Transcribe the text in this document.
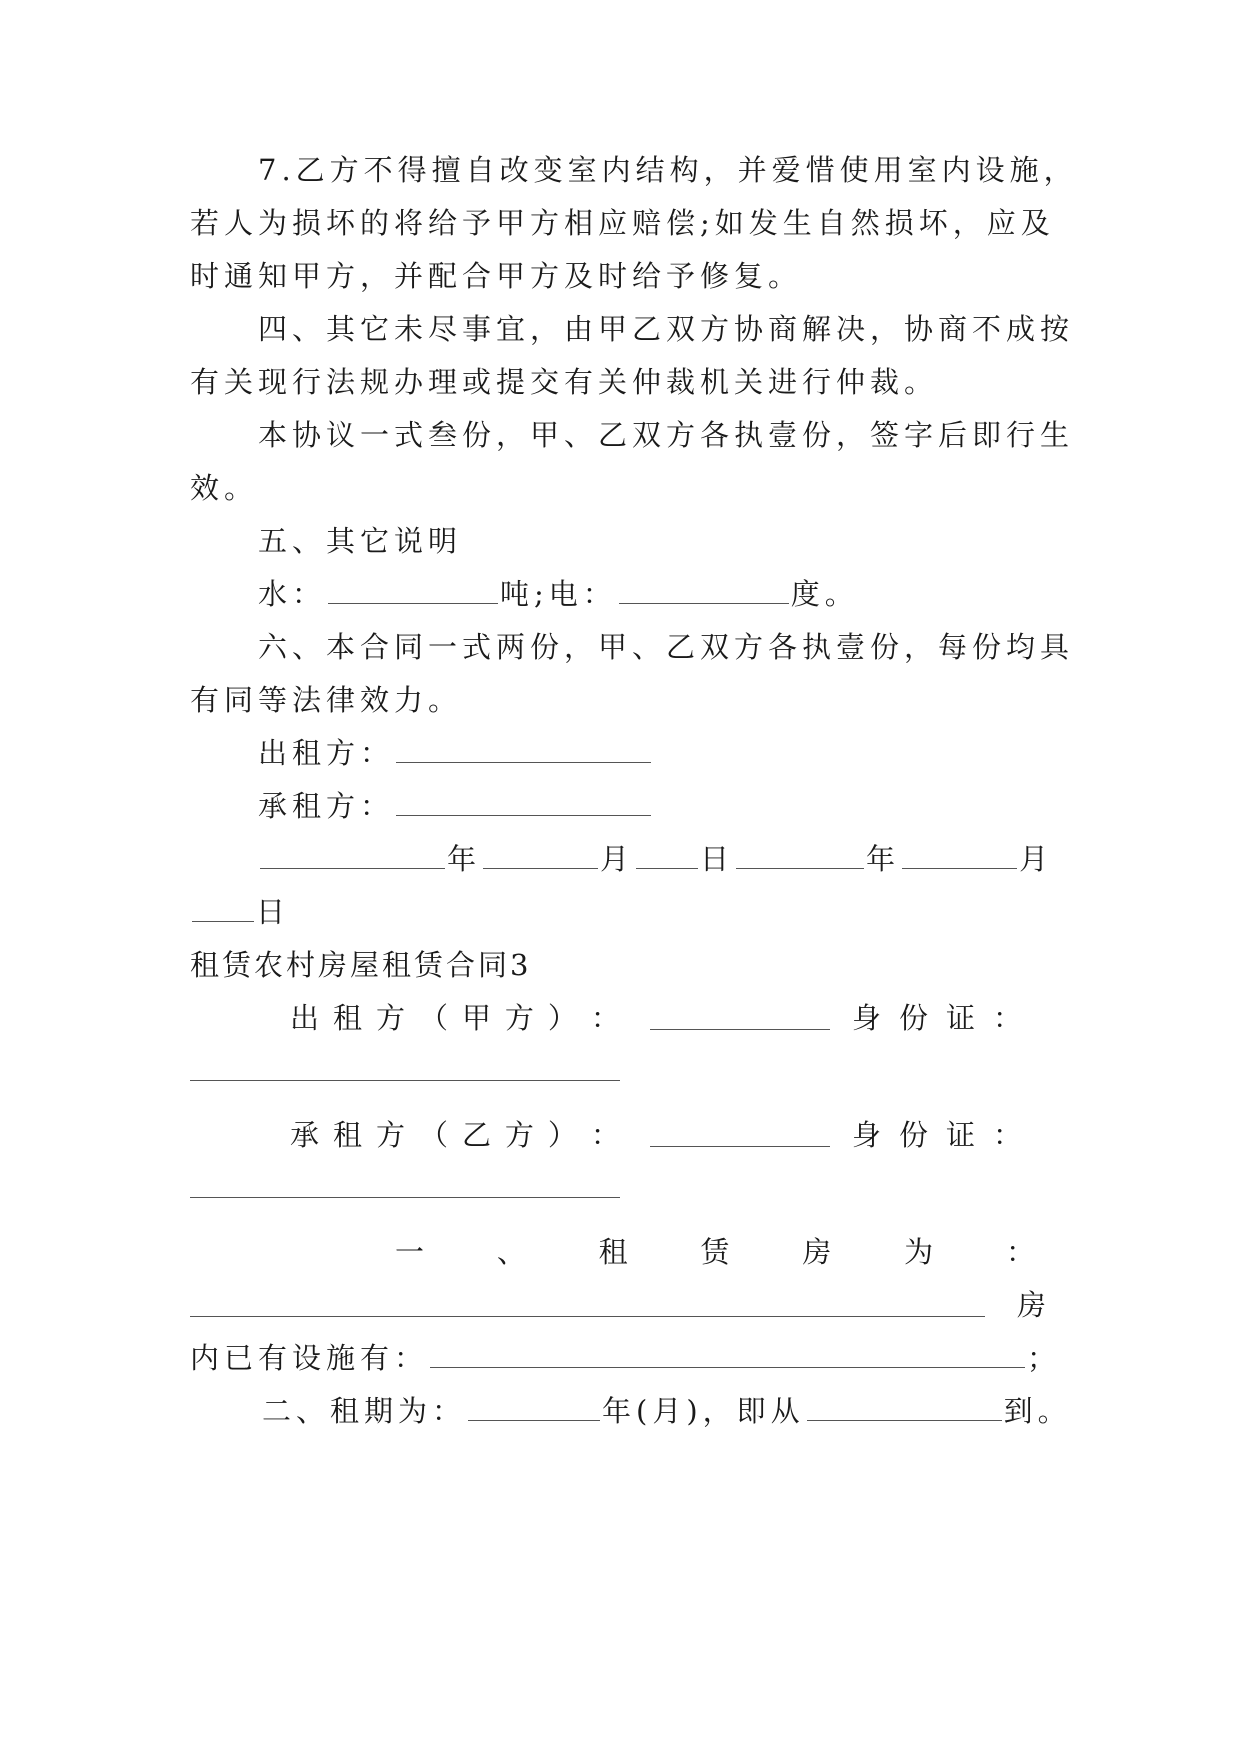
7.乙方不得擅自改变室内结构，并爱惜使用室内设施，
若人为损坏的将给予甲方相应赔偿;如发生自然损坏，应及
时通知甲方，并配合甲方及时给予修复。
四、其它未尽事宜，由甲乙双方协商解决，协商不成按
有关现行法规办理或提交有关仲裁机关进行仲裁。
本协议一式叁份，甲、乙双方各执壹份，签字后即行生
效。
五、其它说明
水：	吨;电：	度。
六、本合同一式两份，甲、乙双方各执壹份，每份均具
有同等法律效力。
出租方：
承租方：
年	月 日	年	月
日
租赁农村房屋租赁合同3
出 租 方 （ 甲 方 ） ：	身 份 证 ：
承 租 方 （ 乙 方 ） ：	身 份 证 ：
一	、	租	赁	房	为	：
房
内已有设施有：	；
二、租期为：	年(月)，即从	到。
